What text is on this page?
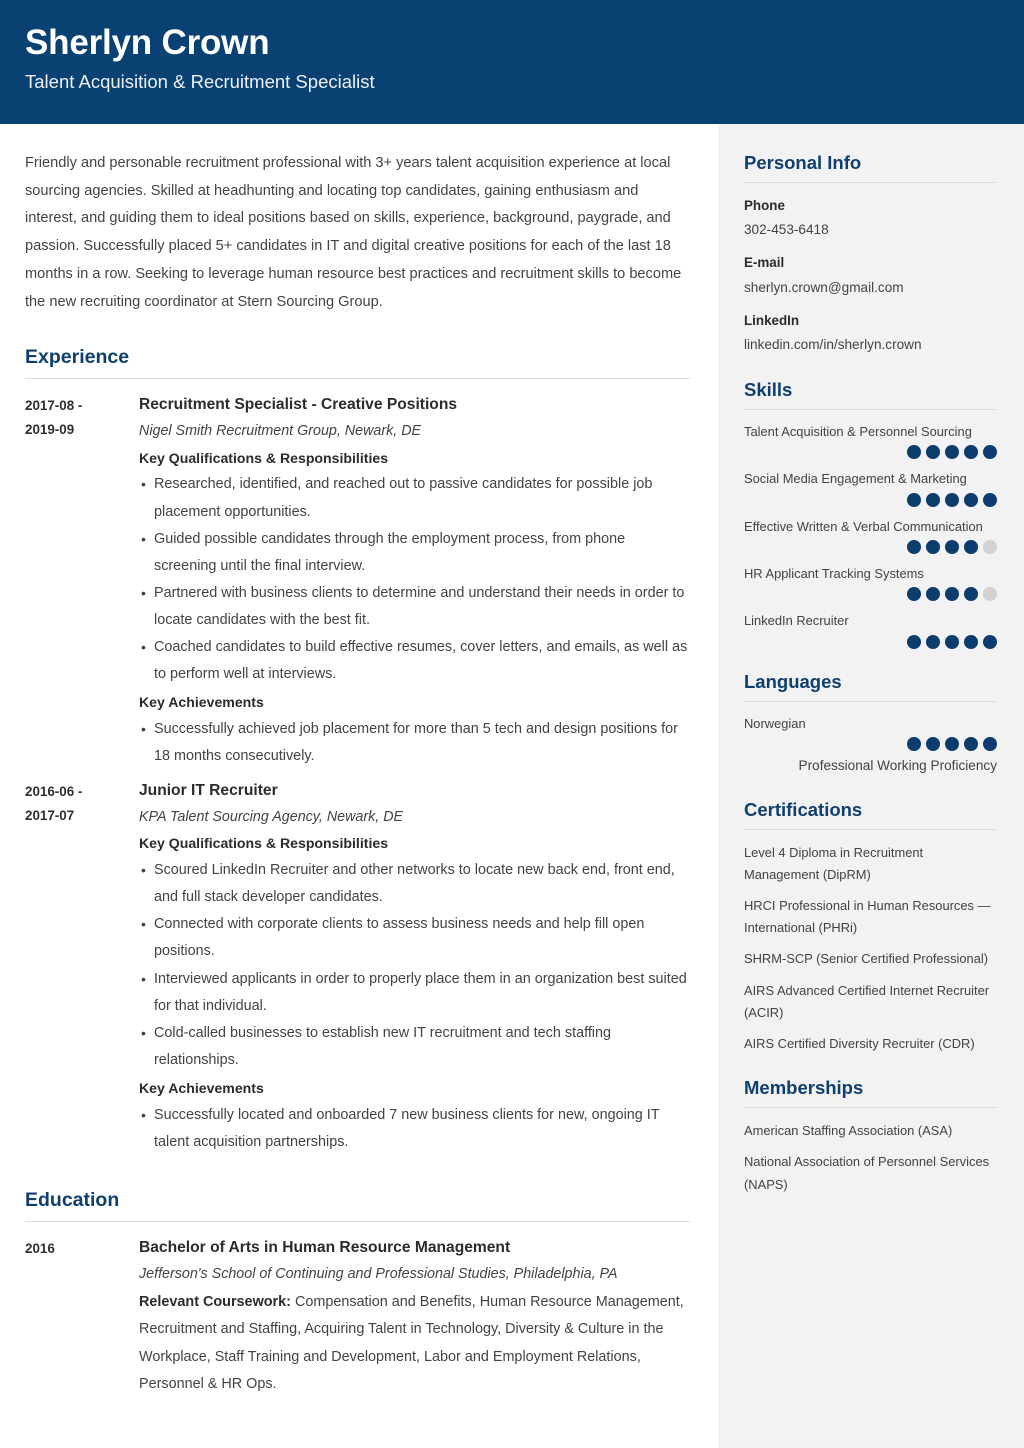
Sherlyn Crown
Talent Acquisition & Recruitment Specialist
Friendly and personable recruitment professional with 3+ years talent acquisition experience at local sourcing agencies. Skilled at headhunting and locating top candidates, gaining enthusiasm and interest, and guiding them to ideal positions based on skills, experience, background, paygrade, and passion. Successfully placed 5+ candidates in IT and digital creative positions for each of the last 18 months in a row. Seeking to leverage human resource best practices and recruitment skills to become the new recruiting coordinator at Stern Sourcing Group.
Experience
2017-08 -
2019-09
Recruitment Specialist - Creative Positions
Nigel Smith Recruitment Group, Newark, DE
Key Qualifications & Responsibilities
• Researched, identified, and reached out to passive candidates for possible job placement opportunities.
• Guided possible candidates through the employment process, from phone screening until the final interview.
• Partnered with business clients to determine and understand their needs in order to locate candidates with the best fit.
• Coached candidates to build effective resumes, cover letters, and emails, as well as to perform well at interviews.
Key Achievements
• Successfully achieved job placement for more than 5 tech and design positions for 18 months consecutively.
2016-06 -
2017-07
Junior IT Recruiter
KPA Talent Sourcing Agency, Newark, DE
Key Qualifications & Responsibilities
• Scoured LinkedIn Recruiter and other networks to locate new back end, front end, and full stack developer candidates.
• Connected with corporate clients to assess business needs and help fill open positions.
• Interviewed applicants in order to properly place them in an organization best suited for that individual.
• Cold-called businesses to establish new IT recruitment and tech staffing relationships.
Key Achievements
• Successfully located and onboarded 7 new business clients for new, ongoing IT talent acquisition partnerships.
Education
2016	Bachelor of Arts in Human Resource Management
Jefferson's School of Continuing and Professional Studies, Philadelphia, PA
Relevant Coursework: Compensation and Benefits, Human Resource Management, Recruitment and Staffing, Acquiring Talent in Technology, Diversity & Culture in the Workplace, Staff Training and Development, Labor and Employment Relations, Personnel & HR Ops.
Personal Info
Phone
302-453-6418
E-mail
sherlyn.crown@gmail.com
LinkedIn
linkedin.com/in/sherlyn.crown
Skills
Talent Acquisition & Personnel Sourcing
Social Media Engagement & Marketing
Effective Written & Verbal Communication
HR Applicant Tracking Systems
LinkedIn Recruiter
Languages
Norwegian
Professional Working Proficiency
Certifications
Level 4 Diploma in Recruitment Management (DipRM)
HRCI Professional in Human Resources — International (PHRi)
SHRM-SCP (Senior Certified Professional)
AIRS Advanced Certified Internet Recruiter (ACIR)
AIRS Certified Diversity Recruiter (CDR)
Memberships
American Staffing Association (ASA)
National Association of Personnel Services (NAPS)
